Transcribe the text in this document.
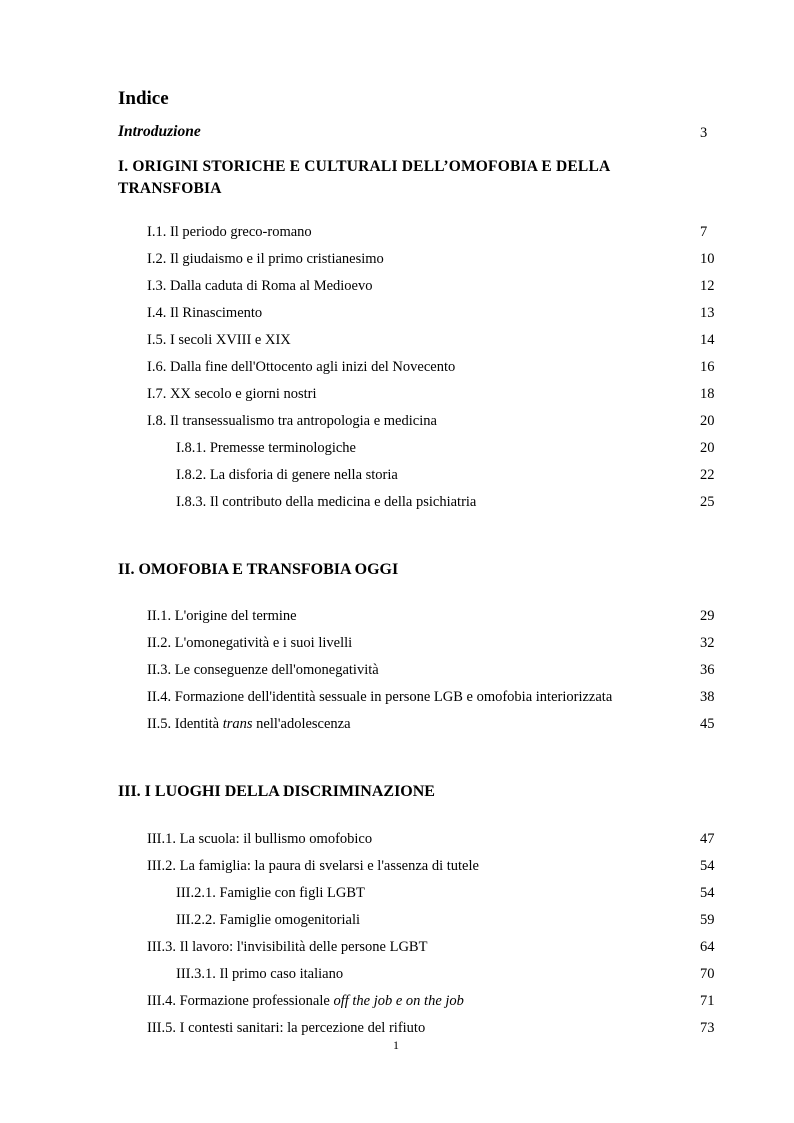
Indice
Introduzione	3
I. ORIGINI STORICHE E CULTURALI DELL’OMOFOBIA E DELLA TRANSFOBIA
I.1. Il periodo greco-romano	7
I.2. Il giudaismo e il primo cristianesimo	10
I.3. Dalla caduta di Roma al Medioevo	12
I.4. Il Rinascimento	13
I.5. I secoli XVIII e XIX	14
I.6. Dalla fine dell'Ottocento agli inizi del Novecento	16
I.7. XX secolo e giorni nostri	18
I.8. Il transessualismo tra antropologia e medicina	20
I.8.1. Premesse terminologiche	20
I.8.2. La disforia di genere nella storia	22
I.8.3. Il contributo della medicina e della psichiatria	25
II. OMOFOBIA E TRANSFOBIA OGGI
II.1. L'origine del termine	29
II.2. L'omonegatività e i suoi livelli	32
II.3. Le conseguenze dell'omonegatività	36
II.4. Formazione dell'identità sessuale in persone LGB e omofobia interiorizzata	38
II.5. Identità trans nell'adolescenza	45
III. I LUOGHI DELLA DISCRIMINAZIONE
III.1. La scuola: il bullismo omofobico	47
III.2. La famiglia: la paura di svelarsi e l'assenza di tutele	54
III.2.1. Famiglie con figli LGBT	54
III.2.2. Famiglie omogenitoriali	59
III.3. Il lavoro: l'invisibilità delle persone LGBT	64
III.3.1. Il primo caso italiano	70
III.4. Formazione professionale off the job e on the job	71
III.5. I contesti sanitari: la percezione del rifiuto	73
1
